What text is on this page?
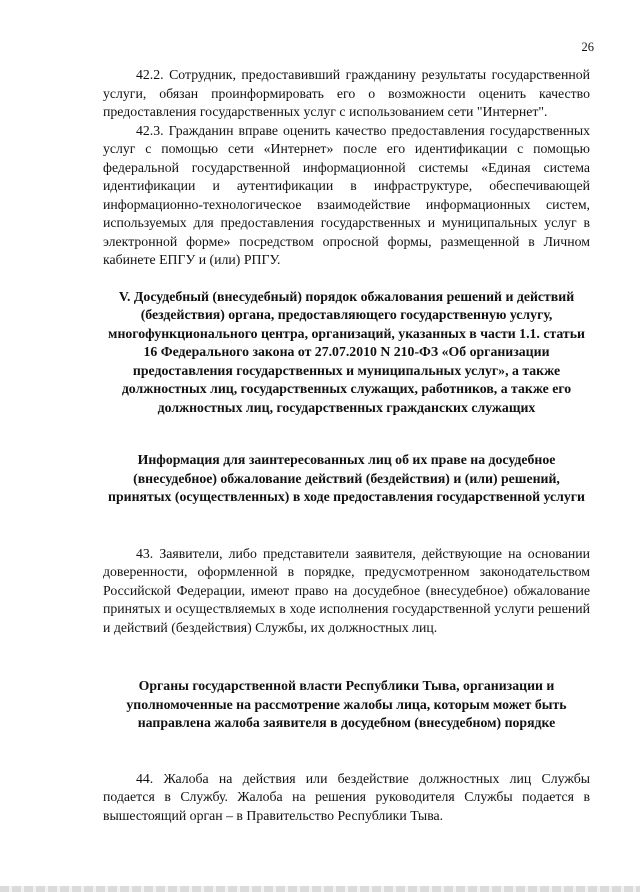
26

42.2. Сотрудник, предоставивший гражданину результаты государственной услуги, обязан проинформировать его о возможности оценить качество предоставления государственных услуг с использованием сети "Интернет".

42.3. Гражданин вправе оценить качество предоставления государственных услуг с помощью сети «Интернет» после его идентификации с помощью федеральной государственной информационной системы «Единая система идентификации и аутентификации в инфраструктуре, обеспечивающей информационно-технологическое взаимодействие информационных систем, используемых для предоставления государственных и муниципальных услуг в электронной форме» посредством опросной формы, размещенной в Личном кабинете ЕПГУ и (или) РПГУ.

V. Досудебный (внесудебный) порядок обжалования решений и действий (бездействия) органа, предоставляющего государственную услугу, многофункционального центра, организаций, указанных в части 1.1. статьи 16 Федерального закона от 27.07.2010 N 210-ФЗ «Об организации предоставления государственных и муниципальных услуг», а также должностных лиц, государственных служащих, работников, а также его должностных лиц, государственных гражданских служащих

Информация для заинтересованных лиц об их праве на досудебное (внесудебное) обжалование действий (бездействия) и (или) решений, принятых (осуществленных) в ходе предоставления государственной услуги

43. Заявители, либо представители заявителя, действующие на основании доверенности, оформленной в порядке, предусмотренном законодательством Российской Федерации, имеют право на досудебное (внесудебное) обжалование принятых и осуществляемых в ходе исполнения государственной услуги решений и действий (бездействия) Службы, их должностных лиц.

Органы государственной власти Республики Тыва, организации и уполномоченные на рассмотрение жалобы лица, которым может быть направлена жалоба заявителя в досудебном (внесудебном) порядке

44. Жалоба на действия или бездействие должностных лиц Службы подается в Службу. Жалоба на решения руководителя Службы подается в вышестоящий орган – в Правительство Республики Тыва.
